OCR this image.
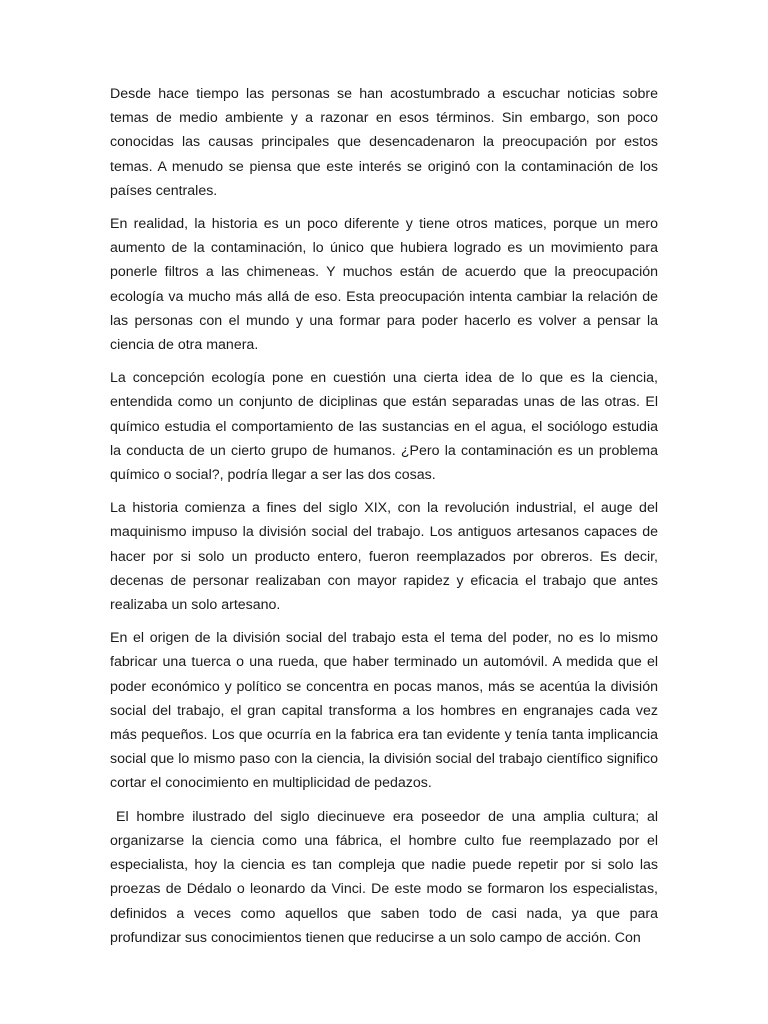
Desde hace tiempo las personas se han acostumbrado a escuchar noticias sobre temas de medio ambiente y a razonar en esos términos. Sin embargo, son poco conocidas las causas principales que desencadenaron la preocupación por estos temas. A menudo se piensa que este interés se originó con la contaminación de los países centrales.

En realidad, la historia es un poco diferente y tiene otros matices, porque un mero aumento de la contaminación, lo único que hubiera logrado es un movimiento para ponerle filtros a las chimeneas. Y muchos están de acuerdo que la preocupación ecología va mucho más allá de eso. Esta preocupación intenta cambiar la relación de las personas con el mundo y una formar para poder hacerlo es volver a pensar la ciencia de otra manera.

La concepción ecología pone en cuestión una cierta idea de lo que es la ciencia, entendida como un conjunto de diciplinas que están separadas unas de las otras. El químico estudia el comportamiento de las sustancias en el agua, el sociólogo estudia la conducta de un cierto grupo de humanos. ¿Pero la contaminación es un problema químico o social?, podría llegar a ser las dos cosas.

La historia comienza a fines del siglo XIX, con la revolución industrial, el auge del maquinismo impuso la división social del trabajo. Los antiguos artesanos capaces de hacer por si solo un producto entero, fueron reemplazados por obreros. Es decir, decenas de personar realizaban con mayor rapidez y eficacia el trabajo que antes realizaba un solo artesano.

En el origen de la división social del trabajo esta el tema del poder, no es lo mismo fabricar una tuerca o una rueda, que haber terminado un automóvil. A medida que el poder económico y político se concentra en pocas manos, más se acentúa la división social del trabajo, el gran capital transforma a los hombres en engranajes cada vez más pequeños. Los que ocurría en la fabrica era tan evidente y tenía tanta implicancia social que lo mismo paso con la ciencia, la división social del trabajo científico significo cortar el conocimiento en multiplicidad de pedazos.

El hombre ilustrado del siglo diecinueve era poseedor de una amplia cultura; al organizarse la ciencia como una fábrica, el hombre culto fue reemplazado por el especialista, hoy la ciencia es tan compleja que nadie puede repetir por si solo las proezas de Dédalo o leonardo da Vinci. De este modo se formaron los especialistas, definidos a veces como aquellos que saben todo de casi nada, ya que para profundizar sus conocimientos tienen que reducirse a un solo campo de acción. Con
